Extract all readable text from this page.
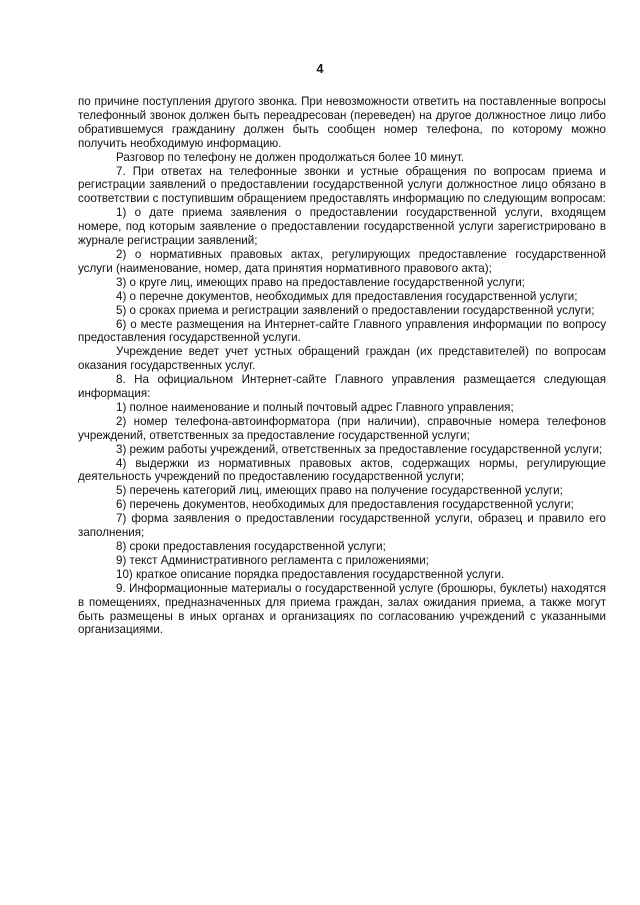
4

по причине поступления другого звонка. При невозможности ответить на поставленные вопросы телефонный звонок должен быть переадресован (переведен) на другое должностное лицо либо обратившемуся гражданину должен быть сообщен номер телефона, по которому можно получить необходимую информацию.

Разговор по телефону не должен продолжаться более 10 минут.

7. При ответах на телефонные звонки и устные обращения по вопросам приема и регистрации заявлений о предоставлении государственной услуги должностное лицо обязано в соответствии с поступившим обращением предоставлять информацию по следующим вопросам:

1) о дате приема заявления о предоставлении государственной услуги, входящем номере, под которым заявление о предоставлении государственной услуги зарегистрировано в журнале регистрации заявлений;

2) о нормативных правовых актах, регулирующих предоставление государственной услуги (наименование, номер, дата принятия нормативного правового акта);

3) о круге лиц, имеющих право на предоставление государственной услуги;

4) о перечне документов, необходимых для предоставления государственной услуги;

5) о сроках приема и регистрации заявлений о предоставлении государственной услуги;

6) о месте размещения на Интернет-сайте Главного управления информации по вопросу предоставления государственной услуги.

Учреждение ведет учет устных обращений граждан (их представителей) по вопросам оказания государственных услуг.

8. На официальном Интернет-сайте Главного управления размещается следующая информация:

1) полное наименование и полный почтовый адрес Главного управления;

2) номер телефона-автоинформатора (при наличии), справочные номера телефонов учреждений, ответственных за предоставление государственной услуги;

3) режим работы учреждений, ответственных за предоставление государственной услуги;

4) выдержки из нормативных правовых актов, содержащих нормы, регулирующие деятельность учреждений по предоставлению государственной услуги;

5) перечень категорий лиц, имеющих право на получение государственной услуги;

6) перечень документов, необходимых для предоставления государственной услуги;

7) форма заявления о предоставлении государственной услуги, образец и правило его заполнения;

8) сроки предоставления государственной услуги;

9) текст Административного регламента с приложениями;

10) краткое описание порядка предоставления государственной услуги.

9. Информационные материалы о государственной услуге (брошюры, буклеты) находятся в помещениях, предназначенных для приема граждан, залах ожидания приема, а также могут быть размещены в иных органах и организациях по согласованию учреждений с указанными организациями.
